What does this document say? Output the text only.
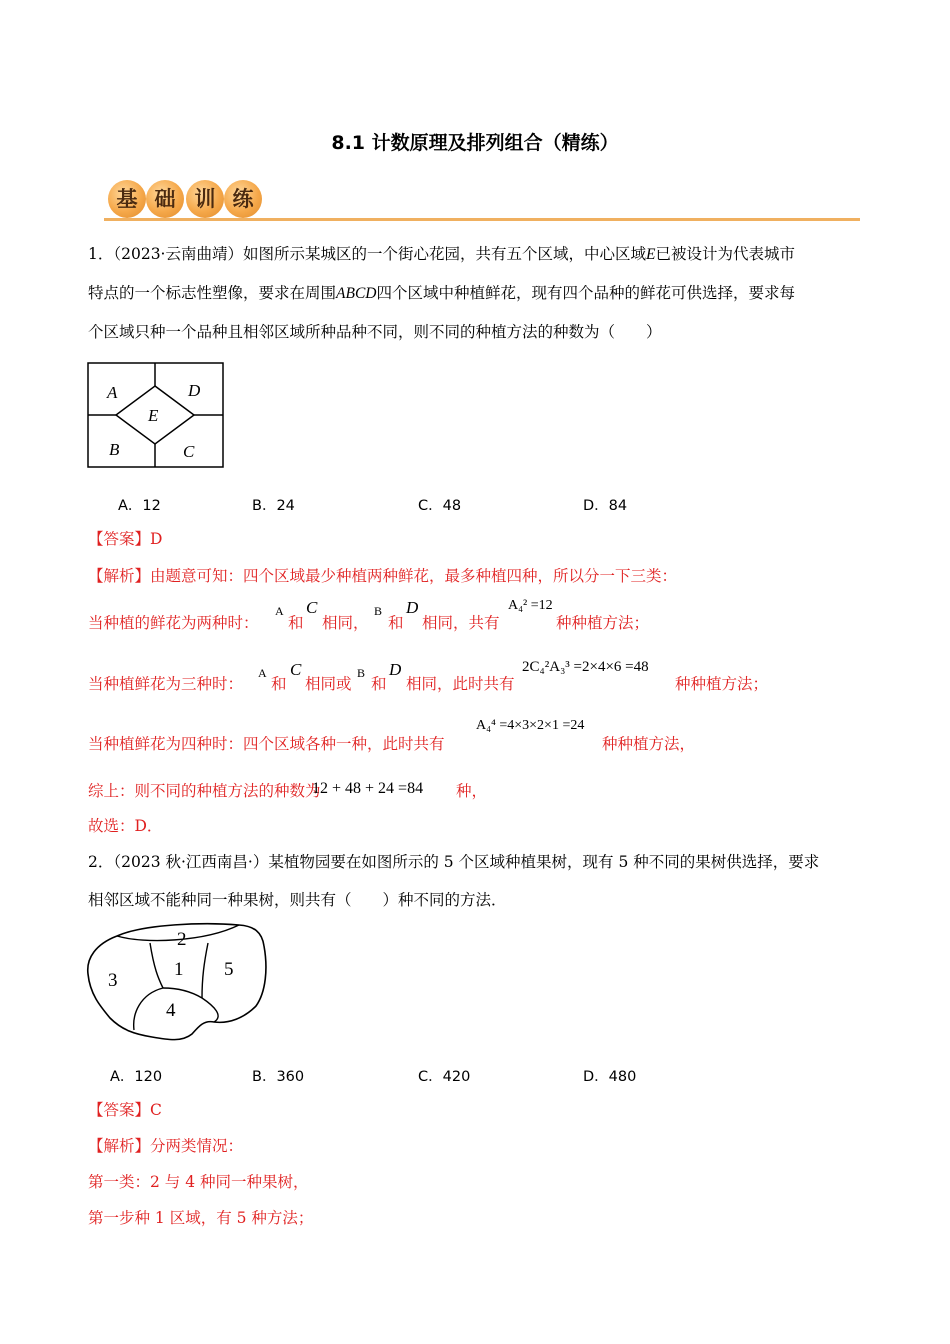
8.1 计数原理及排列组合（精练）
基 础 训 练
1．（2023·云南曲靖）如图所示某城区的一个街心花园，共有五个区域，中心区域E已被设计为代表城市
特点的一个标志性塑像，要求在周围ABCD四个区域中种植鲜花，现有四个品种的鲜花可供选择，要求每
个区域只种一个品种且相邻区域所种品种不同，则不同的种植方法的种数为（　　）
A	D
E
B	C
A．12	B．24	C．48	D．84
【答案】D
【解析】由题意可知：四个区域最少种植两种鲜花，最多种植四种，所以分一下三类：
当种植的鲜花为两种时：
A
和
C
相同，
B
和
D
相同，共有
A₄² =12
种种植方法；
当种植鲜花为三种时：
A
和
C
相同或
B
和
D
相同，此时共有
2C₄²A₃³ =2×4×6 =48
种种植方法；
当种植鲜花为四种时：四个区域各种一种，此时共有
A₄⁴ =4×3×2×1 =24
种种植方法，
综上：则不同的种植方法的种数为
12 + 48 + 24 =84 种，
故选：D．
2．（2023 秋·江西南昌·）某植物园要在如图所示的 5 个区域种植果树，现有 5 种不同的果树供选择，要求
相邻区域不能种同一种果树，则共有（　　）种不同的方法．
2
1 5
3
4
A．120	B．360	C．420	D．480
【答案】C
【解析】分两类情况：
第一类：2 与 4 种同一种果树，
第一步种 1 区域，有 5 种方法；
